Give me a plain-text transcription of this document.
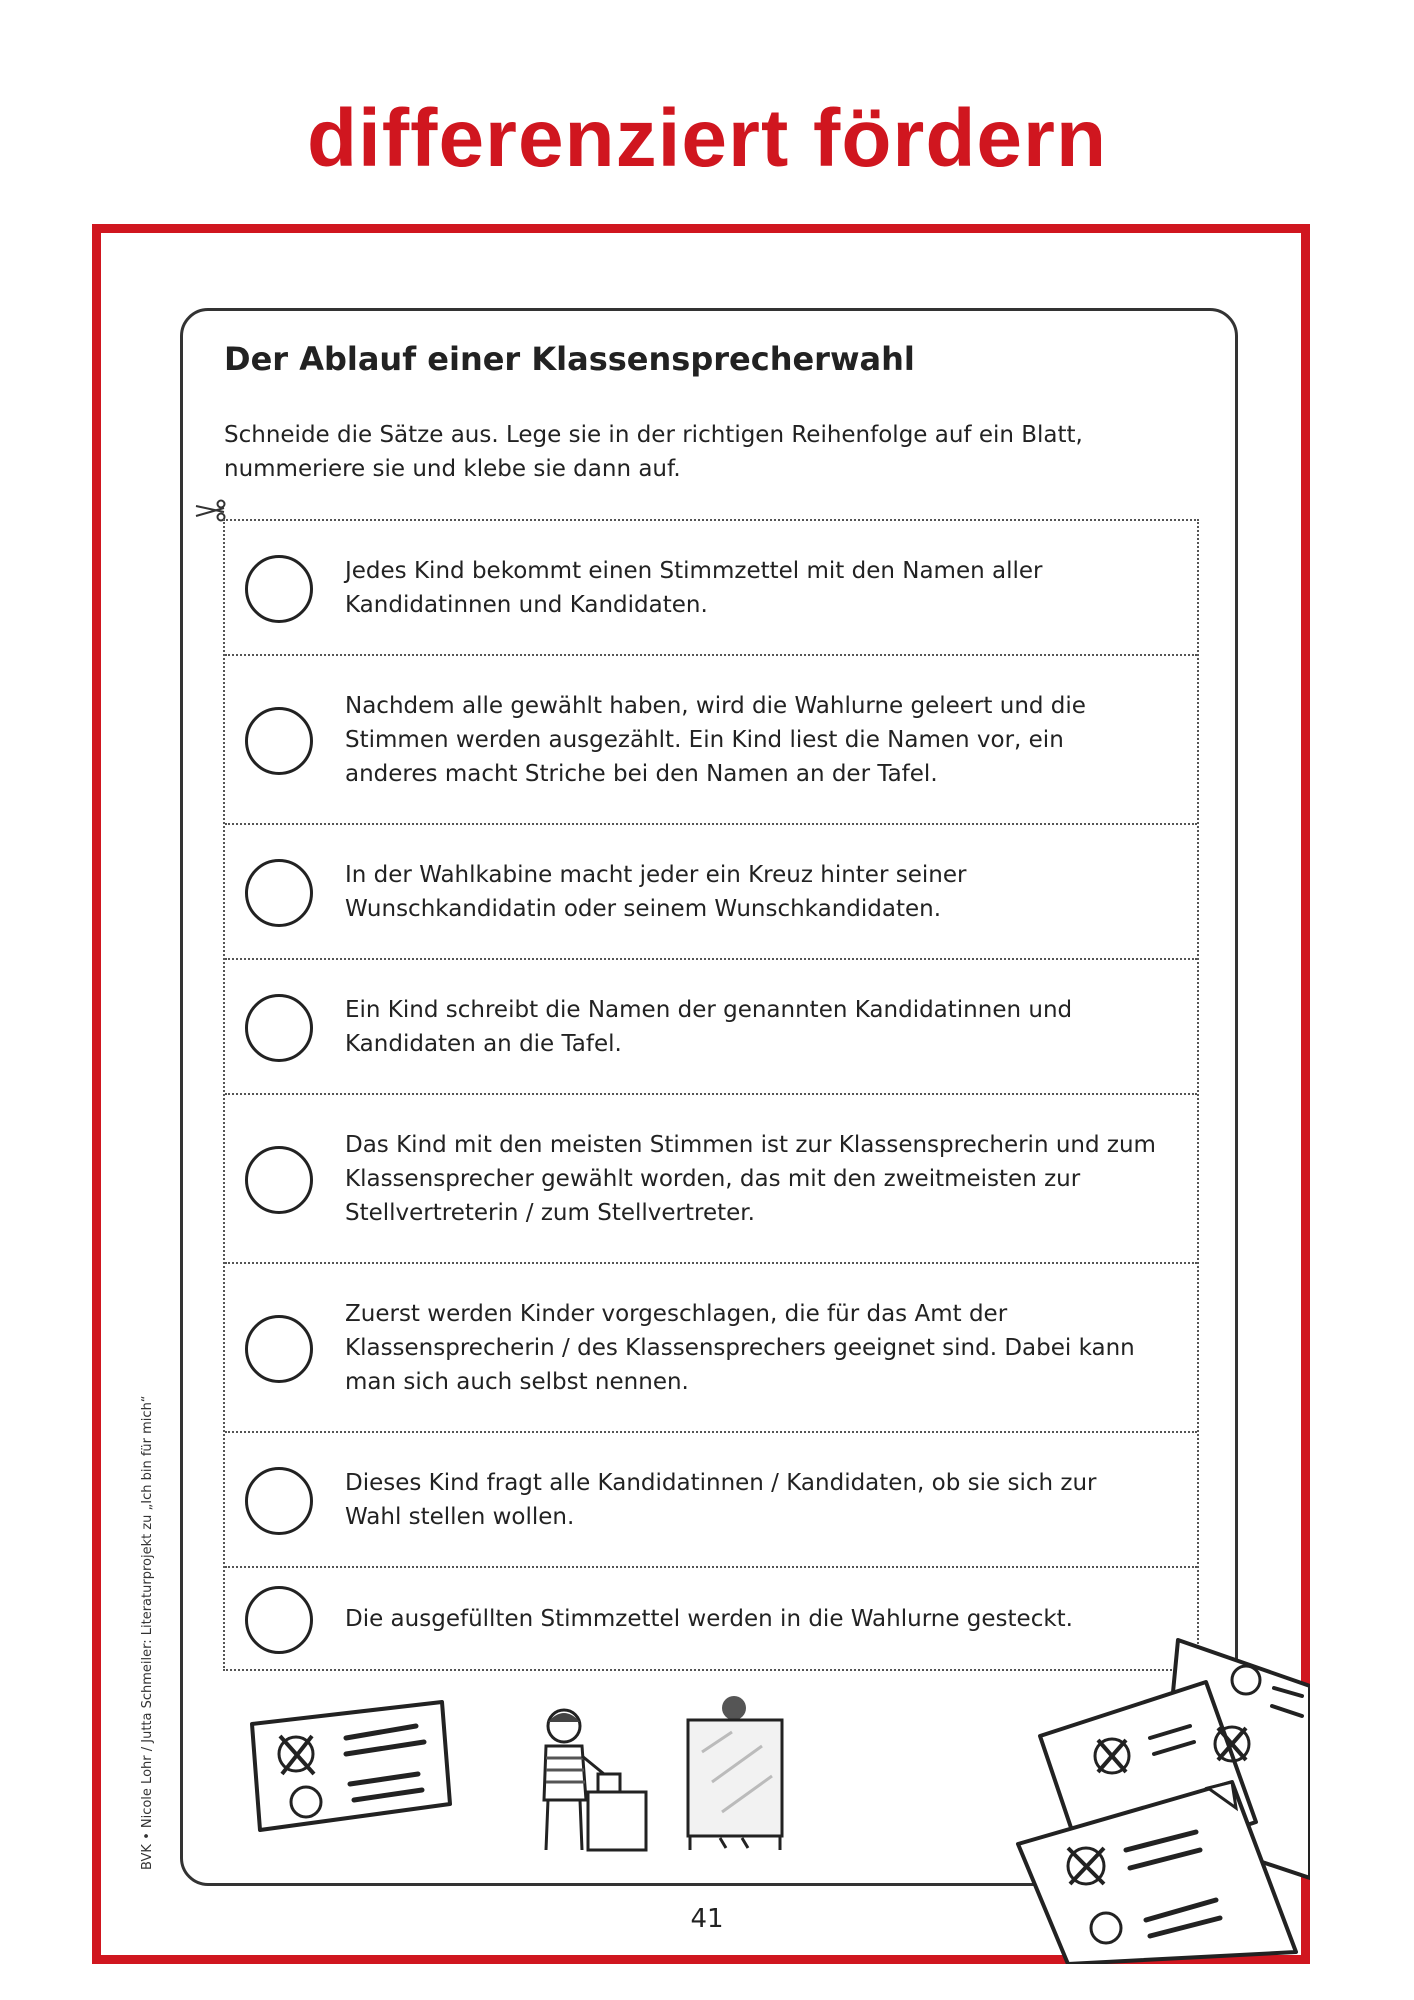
differenziert fördern
Der Ablauf einer Klassensprecherwahl
Schneide die Sätze aus. Lege sie in der richtigen Reihenfolge auf ein Blatt, nummeriere sie und klebe sie dann auf.
Jedes Kind bekommt einen Stimmzettel mit den Namen aller Kandidatinnen und Kandidaten.
Nachdem alle gewählt haben, wird die Wahlurne geleert und die Stimmen werden ausgezählt. Ein Kind liest die Namen vor, ein anderes macht Striche bei den Namen an der Tafel.
In der Wahlkabine macht jeder ein Kreuz hinter seiner Wunschkandidatin oder seinem Wunschkandidaten.
Ein Kind schreibt die Namen der genannten Kandidatinnen und Kandidaten an die Tafel.
Das Kind mit den meisten Stimmen ist zur Klassensprecherin und zum Klassensprecher gewählt worden, das mit den zweitmeisten zur Stellvertreterin / zum Stellvertreter.
Zuerst werden Kinder vorgeschlagen, die für das Amt der Klassensprecherin / des Klassensprechers geeignet sind. Dabei kann man sich auch selbst nennen.
Dieses Kind fragt alle Kandidatinnen / Kandidaten, ob sie sich zur Wahl stellen wollen.
Die ausgefüllten Stimmzettel werden in die Wahlurne gesteckt.
BVK • Nicole Lohr / Jutta Schmeiler: Literaturprojekt zu „Ich bin für mich“
41
